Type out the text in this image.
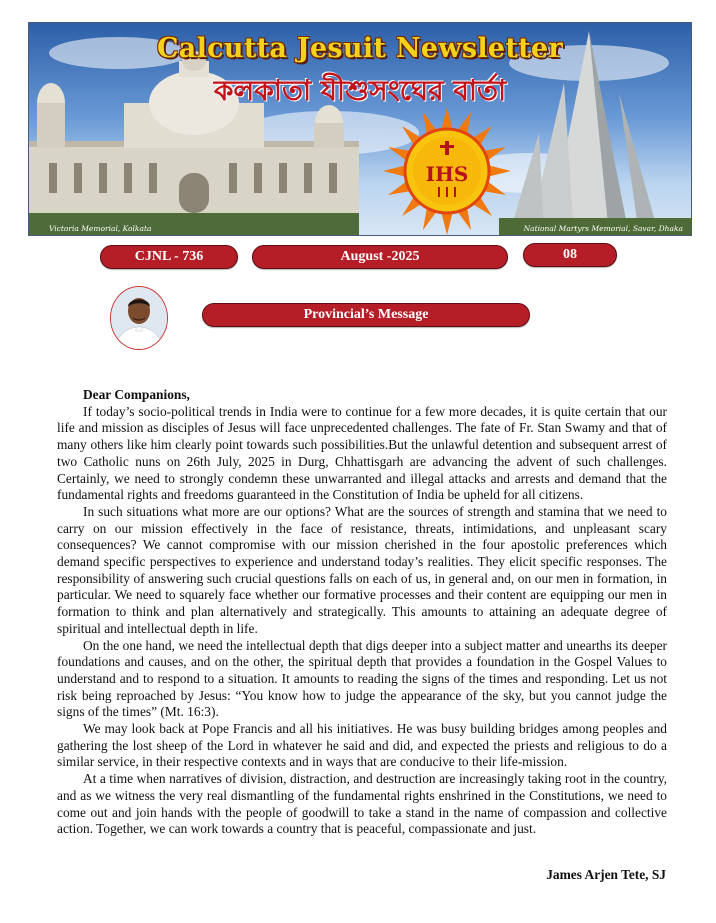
IHS
Calcutta Jesuit Newsletter
কলকাতা যীশুসংঘের বার্তা
Victoria Memorial, Kolkata	National Martyrs Memorial, Savar, Dhaka
CJNL - 736	August -2025	08
Provincial’s Message

Dear Companions,

If today’s socio-political trends in India were to continue for a few more decades, it is quite certain that our life and mission as disciples of Jesus will face unprecedented challenges. The fate of Fr. Stan Swamy and that of many others like him clearly point towards such possibilities.But the unlawful detention and subsequent arrest of two Catholic nuns on 26th July, 2025 in Durg, Chhattisgarh are advancing the advent of such challenges. Certainly, we need to strongly condemn these unwarranted and illegal attacks and arrests and demand that the fundamental rights and freedoms guaranteed in the Constitution of India be upheld for all citizens.

In such situations what more are our options? What are the sources of strength and stamina that we need to carry on our mission effectively in the face of resistance, threats, intimidations, and unpleasant scary consequences? We cannot compromise with our mission cherished in the four apostolic preferences which demand specific perspectives to experience and understand today’s realities. They elicit specific responses. The responsibility of answering such crucial questions falls on each of us, in general and, on our men in formation, in particular. We need to squarely face whether our formative processes and their content are equipping our men in formation to think and plan alternatively and strategically. This amounts to attaining an adequate degree of spiritual and intellectual depth in life.

On the one hand, we need the intellectual depth that digs deeper into a subject matter and unearths its deeper foundations and causes, and on the other, the spiritual depth that provides a foundation in the Gospel Values to understand and to respond to a situation. It amounts to reading the signs of the times and responding. Let us not risk being reproached by Jesus: “You know how to judge the appearance of the sky, but you cannot judge the signs of the times” (Mt. 16:3).

We may look back at Pope Francis and all his initiatives. He was busy building bridges among peoples and gathering the lost sheep of the Lord in whatever he said and did, and expected the priests and religious to do a similar service, in their respective contexts and in ways that are conducive to their life-mission.

At a time when narratives of division, distraction, and destruction are increasingly taking root in the country, and as we witness the very real dismantling of the fundamental rights enshrined in the Constitutions, we need to come out and join hands with the people of goodwill to take a stand in the name of compassion and collective action. Together, we can work towards a country that is peaceful, compassionate and just.

James Arjen Tete, SJ
